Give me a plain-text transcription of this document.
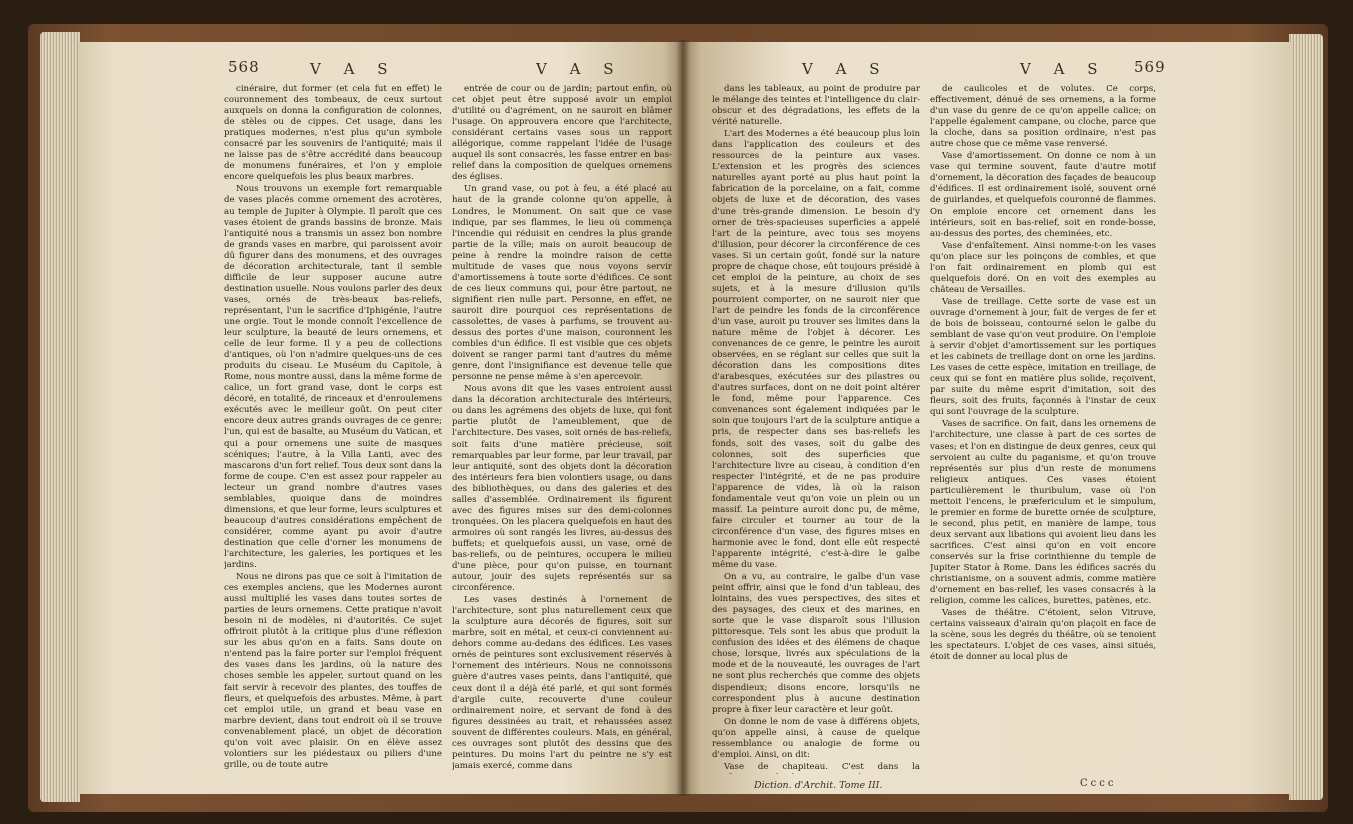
568	V A S	V A S

cinéraire, dut former (et cela fut en effet) le couronnement des tombeaux, de ceux surtout auxquels on donna la configuration de colonnes, de stèles ou de cippes. Cet usage, dans les pratiques modernes, n'est plus qu'un symbole consacré par les souvenirs de l'antiquité; mais il ne laisse pas de s'être accrédité dans beaucoup de monumens funéraires, et l'on y emploie encore quelquefois les plus beaux marbres.

Nous trouvons un exemple fort remarquable de vases placés comme ornement des acrotères, au temple de Jupiter à Olympie. Il paroît que ces vases étoient de grands bassins de bronze. Mais l'antiquité nous a transmis un assez bon nombre de grands vases en marbre, qui paroissent avoir dû figurer dans des monumens, et des ouvrages de décoration architecturale, tant il semble difficile de leur supposer aucune autre destination usuelle. Nous voulons parler des deux vases, ornés de très-beaux bas-reliefs, représentant, l'un le sacrifice d'Iphigénie, l'autre une orgie. Tout le monde connoît l'excellence de leur sculpture, la beauté de leurs ornemens, et celle de leur forme. Il y a peu de collections d'antiques, où l'on n'admire quelques-uns de ces produits du ciseau. Le Muséum du Capitole, à Rome, nous montre aussi, dans la même forme de calice, un fort grand vase, dont le corps est décoré, en totalité, de rinceaux et d'enroulemens exécutés avec le meilleur goût. On peut citer encore deux autres grands ouvrages de ce genre; l'un, qui est de basalte, au Muséum du Vatican, et qui a pour ornemens une suite de masques scéniques; l'autre, à la Villa Lanti, avec des mascarons d'un fort relief. Tous deux sont dans la forme de coupe. C'en est assez pour rappeler au lecteur un grand nombre d'autres vases semblables, quoique dans de moindres dimensions, et que leur forme, leurs sculptures et beaucoup d'autres considérations empêchent de considérer, comme ayant pu avoir d'autre destination que celle d'orner les monumens de l'architecture, les galeries, les portiques et les jardins.

Nous ne dirons pas que ce soit à l'imitation de ces exemples anciens, que les Modernes auront aussi multiplié les vases dans toutes sortes de parties de leurs ornemens. Cette pratique n'avoit besoin ni de modèles, ni d'autorités. Ce sujet offriroit plutôt à la critique plus d'une réflexion sur les abus qu'on en a faits. Sans doute on n'entend pas la faire porter sur l'emploi fréquent des vases dans les jardins, où la nature des choses semble les appeler, surtout quand on les fait servir à recevoir des plantes, des touffes de fleurs, et quelquefois des arbustes. Même, à part cet emploi utile, un grand et beau vase en marbre devient, dans tout endroit où il se trouve convenablement placé, un objet de décoration qu'on voit avec plaisir. On en élève assez volontiers sur les piédestaux ou piliers d'une grille, ou de toute autre

entrée de cour ou de jardin; partout enfin, où cet objet peut être supposé avoir un emploi d'utilité ou d'agrément, on ne sauroit en blâmer l'usage. On approuvera encore que l'architecte, considérant certains vases sous un rapport allégorique, comme rappelant l'idée de l'usage auquel ils sont consacrés, les fasse entrer en bas-relief dans la composition de quelques ornemens des églises.

Un grand vase, ou pot à feu, a été placé au haut de la grande colonne qu'on appelle, à Londres, le Monument. On sait que ce vase indique, par ses flammes, le lieu où commença l'incendie qui réduisit en cendres la plus grande partie de la ville; mais on auroit beaucoup de peine à rendre la moindre raison de cette multitude de vases que nous voyons servir d'amortissemens à toute sorte d'édifices. Ce sont de ces lieux communs qui, pour être partout, ne signifient rien nulle part. Personne, en effet, ne sauroit dire pourquoi ces représentations de cassolettes, de vases à parfums, se trouvent au-dessus des portes d'une maison, couronnent les combles d'un édifice. Il est visible que ces objets doivent se ranger parmi tant d'autres du même genre, dont l'insignifiance est devenue telle que personne ne pense même à s'en apercevoir.

Nous avons dit que les vases entroient aussi dans la décoration architecturale des intérieurs, ou dans les agrémens des objets de luxe, qui font partie plutôt de l'ameublement, que de l'architecture. Des vases, soit ornés de bas-reliefs, soit faits d'une matière précieuse, soit remarquables par leur forme, par leur travail, par leur antiquité, sont des objets dont la décoration des intérieurs fera bien volontiers usage, ou dans des bibliothèques, ou dans des galeries et des salles d'assemblée. Ordinairement ils figurent avec des figures mises sur des demi-colonnes tronquées. On les placera quelquefois en haut des armoires où sont rangés les livres, au-dessus des buffets; et quelquefois aussi, un vase, orné de bas-reliefs, ou de peintures, occupera le milieu d'une pièce, pour qu'on puisse, en tournant autour, jouir des sujets représentés sur sa circonférence.

Les vases destinés à l'ornement de l'architecture, sont plus naturellement ceux que la sculpture aura décorés de figures, soit sur marbre, soit en métal, et ceux-ci conviennent au-dehors comme au-dedans des édifices. Les vases ornés de peintures sont exclusivement réservés à l'ornement des intérieurs. Nous ne connoissons guère d'autres vases peints, dans l'antiquité, que ceux dont il a déjà été parlé, et qui sont formés d'argile cuite, recouverte d'une couleur ordinairement noire, et servant de fond à des figures dessinées au trait, et rehaussées assez souvent de différentes couleurs. Mais, en général, ces ouvrages sont plutôt des dessins que des peintures. Du moins l'art du peintre ne s'y est jamais exercé, comme dans

V A S	V A S 569

dans les tableaux, au point de produire par le mélange des teintes et l'intelligence du clair-obscur et des dégradations, les effets de la vérité naturelle.

L'art des Modernes a été beaucoup plus loin dans l'application des couleurs et des ressources de la peinture aux vases. L'extension et les progrès des sciences naturelles ayant porté au plus haut point la fabrication de la porcelaine, on a fait, comme objets de luxe et de décoration, des vases d'une très-grande dimension. Le besoin d'y orner de très-spacieuses superficies a appelé l'art de la peinture, avec tous ses moyens d'illusion, pour décorer la circonférence de ces vases. Si un certain goût, fondé sur la nature propre de chaque chose, eût toujours présidé à cet emploi de la peinture, au choix de ses sujets, et à la mesure d'illusion qu'ils pourroient comporter, on ne sauroit nier que l'art de peindre les fonds de la circonférence d'un vase, auroit pu trouver ses limites dans la nature même de l'objet à décorer. Les convenances de ce genre, le peintre les auroit observées, en se réglant sur celles que suit la décoration dans les compositions dites d'arabesques, exécutées sur des pilastres ou d'autres surfaces, dont on ne doit point altérer le fond, même pour l'apparence. Ces convenances sont également indiquées par le soin que toujours l'art de la sculpture antique a pris, de respecter dans ses bas-reliefs les fonds, soit des vases, soit du galbe des colonnes, soit des superficies que l'architecture livre au ciseau, à condition d'en respecter l'intégrité, et de ne pas produire l'apparence de vides, là où la raison fondamentale veut qu'on voie un plein ou un massif. La peinture auroit donc pu, de même, faire circuler et tourner au tour de la circonférence d'un vase, des figures mises en harmonie avec le fond, dont elle eût respecté l'apparente intégrité, c'est-à-dire le galbe même du vase.

On a vu, au contraire, le galbe d'un vase peint offrir, ainsi que le fond d'un tableau, des lointains, des vues perspectives, des sites et des paysages, des cieux et des marines, en sorte que le vase disparoît sous l'illusion pittoresque. Tels sont les abus que produit la confusion des idées et des élémens de chaque chose, lorsque, livrés aux spéculations de la mode et de la nouveauté, les ouvrages de l'art ne sont plus recherchés que comme des objets dispendieux; disons encore, lorsqu'ils ne correspondent plus à aucune destination propre à fixer leur caractère et leur goût.

On donne le nom de vase à différens objets, qu'on appelle ainsi, à cause de quelque ressemblance ou analogie de forme ou d'emploi. Ainsi, on dit:

Vase de chapiteau. C'est dans la

de caulicoles et de volutes. Ce corps, effectivement, dénué de ses ornemens, a la forme d'un vase du genre de ce qu'on appelle calice; on l'appelle également campane, ou cloche, parce que la cloche, dans sa position ordinaire, n'est pas autre chose que ce même vase renversé.

Vase d'amortissement. On donne ce nom à un vase qui termine souvent, faute d'autre motif d'ornement, la décoration des façades de beaucoup d'édifices. Il est ordinairement isolé, souvent orné de guirlandes, et quelquefois couronné de flammes. On emploie encore cet ornement dans les intérieurs, soit en bas-relief, soit en ronde-bosse, au-dessus des portes, des cheminées, etc.

Vase d'enfaîtement. Ainsi nomme-t-on les vases qu'on place sur les poinçons de combles, et que l'on fait ordinairement en plomb qui est quelquefois doré. On en voit des exemples au château de Versailles.

Vase de treillage. Cette sorte de vase est un ouvrage d'ornement à jour, fait de verges de fer et de bois de boisseau, contourné selon le galbe du semblant de vase qu'on veut produire. On l'emploie à servir d'objet d'amortissement sur les portiques et les cabinets de treillage dont on orne les jardins. Les vases de cette espèce, imitation en treillage, de ceux qui se font en matière plus solide, reçoivent, par suite du même esprit d'imitation, soit des fleurs, soit des fruits, façonnés à l'instar de ceux qui sont l'ouvrage de la sculpture.

Vases de sacrifice. On fait, dans les ornemens de l'architecture, une classe à part de ces sortes de vases; et l'on en distingue de deux genres, ceux qui servoient au culte du paganisme, et qu'on trouve représentés sur plus d'un reste de monumens religieux antiques. Ces vases étoient particulièrement le thuribulum, vase où l'on mettoit l'encens, le præfericulum et le simpulum, le premier en forme de burette ornée de sculpture, le second, plus petit, en manière de lampe, tous deux servant aux libations qui avoient lieu dans les sacrifices. C'est ainsi qu'on en voit encore conservés sur la frise corinthienne du temple de Jupiter Stator à Rome. Dans les édifices sacrés du christianisme, on a souvent admis, comme matière d'ornement en bas-relief, les vases consacrés à la religion, comme les calices, burettes, patènes, etc.

Vases de théâtre. C'étoient, selon Vitruve, certains vaisseaux d'airain qu'on plaçoit en face de la scène, sous les degrés du théâtre, où se tenoient les spectateurs. L'objet de ces vases, ainsi situés, étoit de donner au local plus de

Diction. d'Archit. Tome III.	Cccc
